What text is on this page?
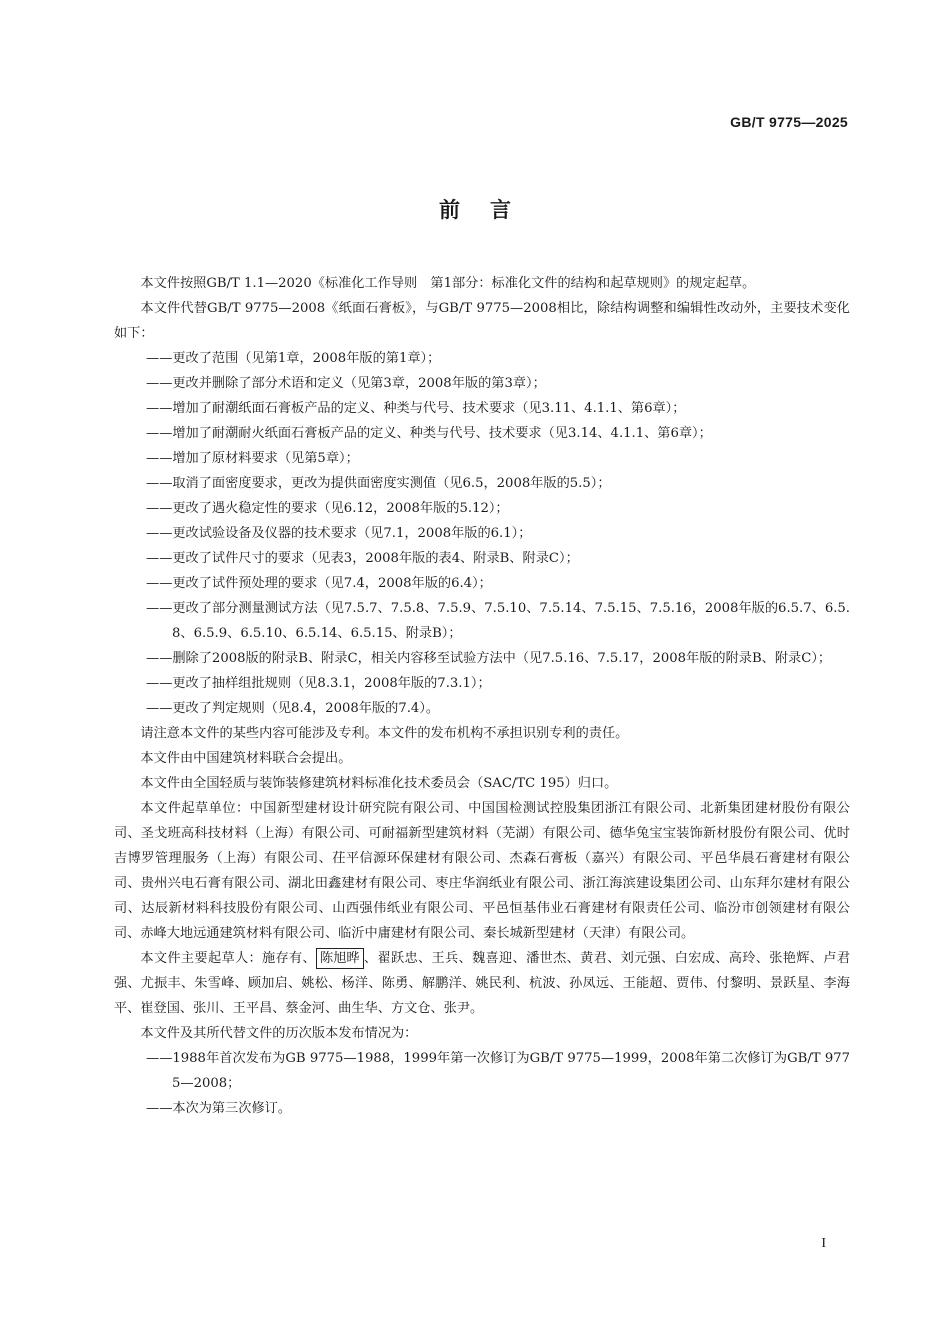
GB/T 9775—2025
前言

本文件按照GB/T 1.1—2020《标准化工作导则　第1部分：标准化文件的结构和起草规则》的规定起草。

本文件代替GB/T 9775—2008《纸面石膏板》，与GB/T 9775—2008相比，除结构调整和编辑性改动外，主要技术变化如下：

——更改了范围（见第1章，2008年版的第1章）；

——更改并删除了部分术语和定义（见第3章，2008年版的第3章）；

——增加了耐潮纸面石膏板产品的定义、种类与代号、技术要求（见3.11、4.1.1、第6章）；

——增加了耐潮耐火纸面石膏板产品的定义、种类与代号、技术要求（见3.14、4.1.1、第6章）；

——增加了原材料要求（见第5章）；

——取消了面密度要求，更改为提供面密度实测值（见6.5，2008年版的5.5）；

——更改了遇火稳定性的要求（见6.12，2008年版的5.12）；

——更改试验设备及仪器的技术要求（见7.1，2008年版的6.1）；

——更改了试件尺寸的要求（见表3，2008年版的表4、附录B、附录C）；

——更改了试件预处理的要求（见7.4，2008年版的6.4）；

——更改了部分测量测试方法（见7.5.7、7.5.8、7.5.9、7.5.10、7.5.14、7.5.15、7.5.16，2008年版的6.5.7、6.5.8、6.5.9、6.5.10、6.5.14、6.5.15、附录B）；

——删除了2008版的附录B、附录C，相关内容移至试验方法中（见7.5.16、7.5.17，2008年版的附录B、附录C）；

——更改了抽样组批规则（见8.3.1，2008年版的7.3.1）；

——更改了判定规则（见8.4，2008年版的7.4）。

请注意本文件的某些内容可能涉及专利。本文件的发布机构不承担识别专利的责任。

本文件由中国建筑材料联合会提出。

本文件由全国轻质与装饰装修建筑材料标准化技术委员会（SAC/TC 195）归口。

本文件起草单位：中国新型建材设计研究院有限公司、中国国检测试控股集团浙江有限公司、北新集团建材股份有限公司、圣戈班高科技材料（上海）有限公司、可耐福新型建筑材料（芜湖）有限公司、德华兔宝宝装饰新材股份有限公司、优时吉博罗管理服务（上海）有限公司、茌平信源环保建材有限公司、杰森石膏板（嘉兴）有限公司、平邑华晨石膏建材有限公司、贵州兴电石膏有限公司、湖北田鑫建材有限公司、枣庄华润纸业有限公司、浙江海滨建设集团公司、山东拜尔建材有限公司、达辰新材料科技股份有限公司、山西强伟纸业有限公司、平邑恒基伟业石膏建材有限责任公司、临汾市创领建材有限公司、赤峰大地远通建筑材料有限公司、临沂中庸建材有限公司、秦长城新型建材（天津）有限公司。

本文件主要起草人：施存有、 陈旭晔 、翟跃忠、王兵、魏喜迎、潘世杰、黄君、刘元强、白宏成、高玲、张艳辉、卢君强、尤振丰、朱雪峰、顾加启、姚松、杨洋、陈勇、解鹏洋、姚民利、杭波、孙凤远、王能超、贾伟、付黎明、景跃星、李海平、崔登国、张川、王平昌、蔡金河、曲生华、方文仓、张尹。

本文件及其所代替文件的历次版本发布情况为：

——1988年首次发布为GB 9775—1988，1999年第一次修订为GB/T 9775—1999，2008年第二次修订为GB/T 9775—2008；

——本次为第三次修订。

I
